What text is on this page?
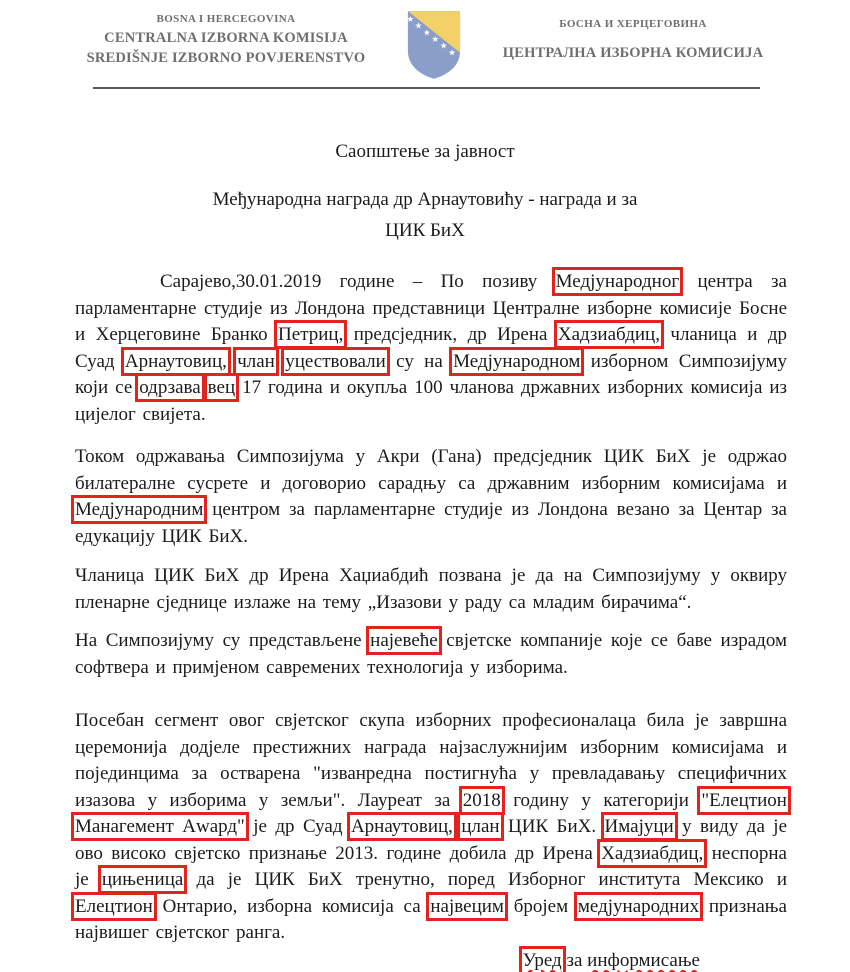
BOSNA I HERCEGOVINA
CENTRALNA IZBORNA KOMISIJA
SREDIŠNJE IZBORNO POVJERENSTVO
★
★
★
★
★
★
БОСНА И ХЕРЦЕГОВИНА
ЦЕНТРАЛНА ИЗБОРНА КОМИСИЈА
Саопштење за јавност
Међународна награда др Арнаутовићу - награда и за
ЦИК БиХ

Сарајево,30.01.2019 године – По позиву Медјународног центра за парламентарне студије из Лондона представници Централне изборне комисије Босне и Херцеговине Бранко Петриц, предсједник, др Ирена Хадзиабдиц, чланица и др Суад Арнаутовиц, члан уцествовали су на Медјународном изборном Симпозијуму који се одрзава вец 17 година и окупља 100 чланова државних изборних комисија из цијелог свијета.

Током одржавања Симпозијума у Акри (Гана) предсједник ЦИК БиХ је одржао билатералне сусрете и договорио сарадњу са државним изборним комисијама и Медјународним центром за парламентарне студије из Лондона везано за Центар за едукацију ЦИК БиХ.

Чланица ЦИК БиХ др Ирена Хаџиабдић позвана је да на Симпозијуму у оквиру пленарне сједнице излаже на тему „Изазови у раду са младим бирачима“.

На Симпозијуму су представљене најевеће свјетске компаније које се баве израдом софтвера и примјеном савремених технологија у изборима.

Посебан сегмент овог свјетског скупа изборних професионалаца била је завршна церемонија додјеле престижних награда најзаслужнијим изборним комисијама и појединцима за остварена "изванредна постигнућа у превладавању специфичних изазова у изборима у земљи". Лауреат за 2018 годину у категорији "Елецтион Манагемент Аwард" је др Суад Арнаутовиц, цлан ЦИК БиХ. Имајуци у виду да је ово високо свјетско признање 2013. године добила др Ирена Хадзиабдиц, неспорна је цињеница да је ЦИК БиХ тренутно, поред Изборног института Мексико и Елецтион Онтарио, изборна комисија са највецим бројем медјународних признања највишег свјетског ранга.

Уред за информисање
